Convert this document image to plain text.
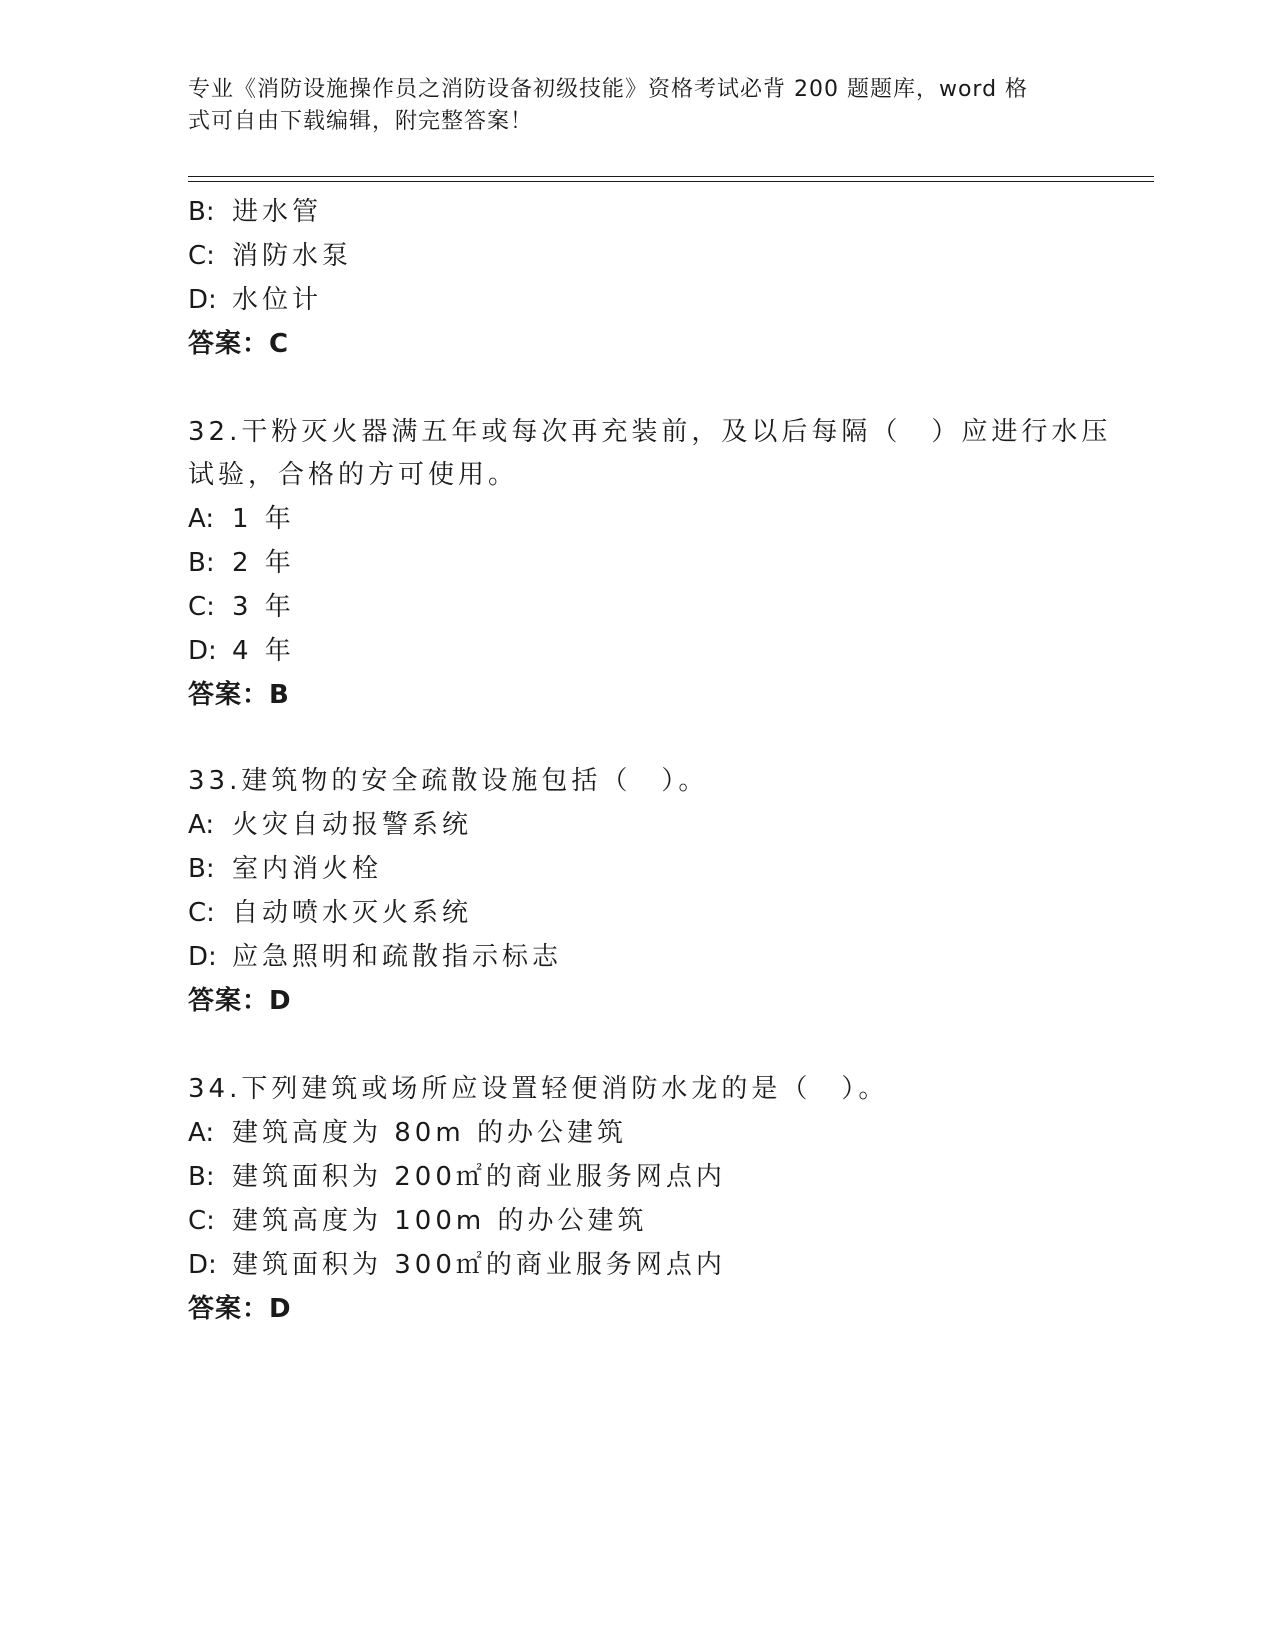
专业《消防设施操作员之消防设备初级技能》资格考试必背 200 题题库，word 格
式可自由下载编辑，附完整答案！
B: 进水管
C: 消防水泵
D: 水位计
答案：C
32.干粉灭火器满五年或每次再充装前，及以后每隔（　）应进行水压
试验，合格的方可使用。
A: 1 年
B: 2 年
C: 3 年
D: 4 年
答案：B
33.建筑物的安全疏散设施包括（　）。
A: 火灾自动报警系统
B: 室内消火栓
C: 自动喷水灭火系统
D: 应急照明和疏散指示标志
答案：D
34.下列建筑或场所应设置轻便消防水龙的是（　）。
A: 建筑高度为 80m 的办公建筑
B: 建筑面积为 200㎡的商业服务网点内
C: 建筑高度为 100m 的办公建筑
D: 建筑面积为 300㎡的商业服务网点内
答案：D
